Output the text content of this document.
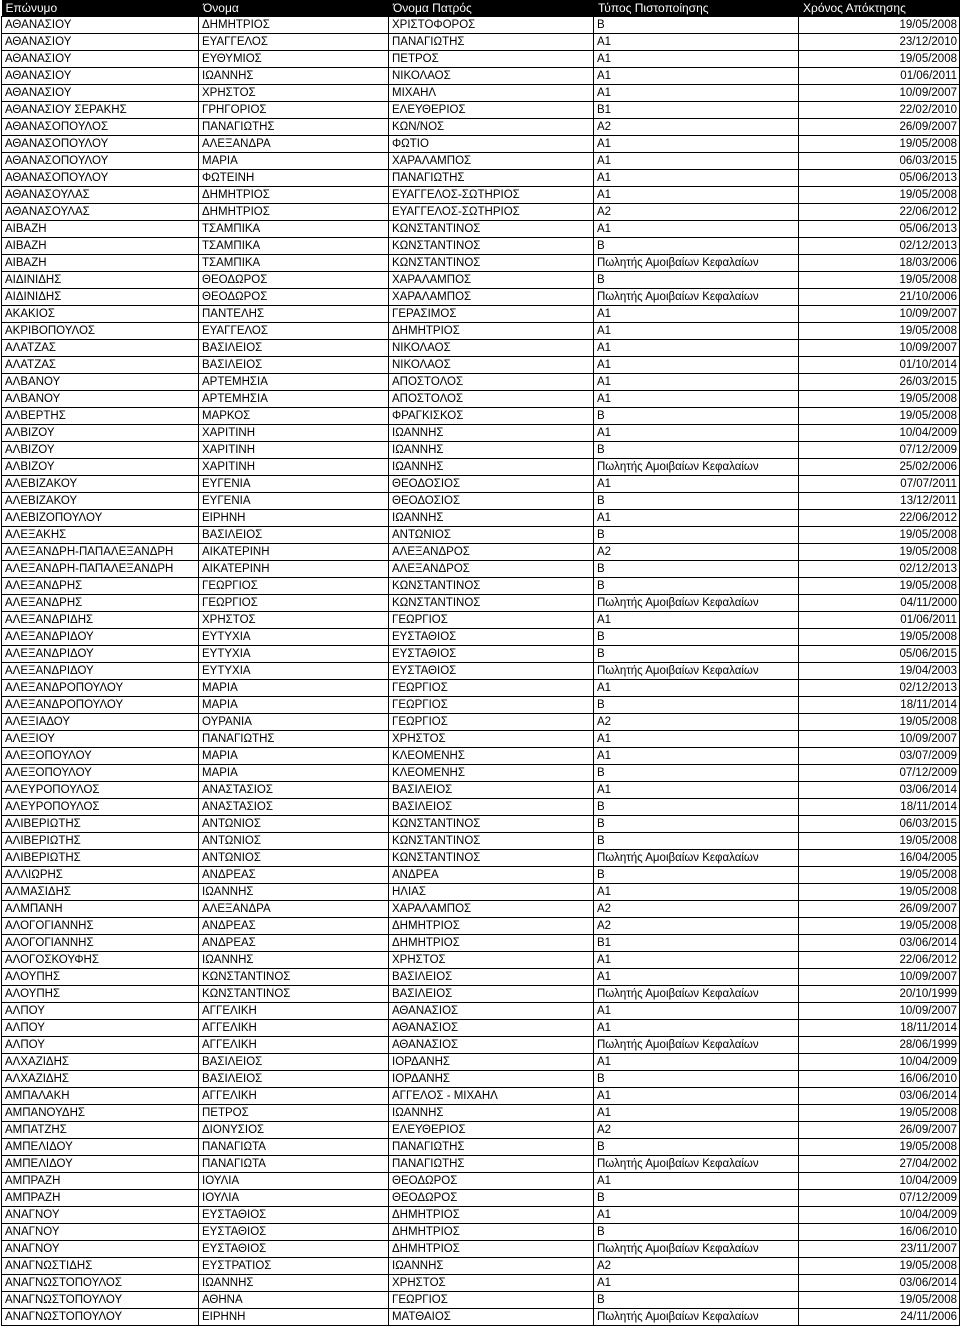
Επώνυμο	Όνομα	Όνομα Πατρός	Τύπος Πιστοποίησης	Χρόνος Απόκτησης
ΑΘΑΝΑΣΙΟΥ	ΔΗΜΗΤΡΙΟΣ	ΧΡΙΣΤΟΦΟΡΟΣ	Β	19/05/2008
ΑΘΑΝΑΣΙΟΥ	ΕΥΑΓΓΕΛΟΣ	ΠΑΝΑΓΙΩΤΗΣ	Α1	23/12/2010
ΑΘΑΝΑΣΙΟΥ	ΕΥΘΥΜΙΟΣ	ΠΕΤΡΟΣ	Α1	19/05/2008
ΑΘΑΝΑΣΙΟΥ	ΙΩΑΝΝΗΣ	ΝΙΚΟΛΑΟΣ	Α1	01/06/2011
ΑΘΑΝΑΣΙΟΥ	ΧΡΗΣΤΟΣ	ΜΙΧΑΗΛ	Α1	10/09/2007
ΑΘΑΝΑΣΙΟΥ ΣΕΡΑΚΗΣ	ΓΡΗΓΟΡΙΟΣ	ΕΛΕΥΘΕΡΙΟΣ	Β1	22/02/2010
ΑΘΑΝΑΣΟΠΟΥΛΟΣ	ΠΑΝΑΓΙΩΤΗΣ	ΚΩΝ/ΝΟΣ	Α2	26/09/2007
ΑΘΑΝΑΣΟΠΟΥΛΟΥ	ΑΛΕΞΑΝΔΡΑ	ΦΩΤΙΟ	Α1	19/05/2008
ΑΘΑΝΑΣΟΠΟΥΛΟΥ	ΜΑΡΙΑ	ΧΑΡΑΛΑΜΠΟΣ	Α1	06/03/2015
ΑΘΑΝΑΣΟΠΟΥΛΟΥ	ΦΩΤΕΙΝΗ	ΠΑΝΑΓΙΩΤΗΣ	Α1	05/06/2013
ΑΘΑΝΑΣΟΥΛΑΣ	ΔΗΜΗΤΡΙΟΣ	ΕΥΑΓΓΕΛΟΣ-ΣΩΤΗΡΙΟΣ	Α1	19/05/2008
ΑΘΑΝΑΣΟΥΛΑΣ	ΔΗΜΗΤΡΙΟΣ	ΕΥΑΓΓΕΛΟΣ-ΣΩΤΗΡΙΟΣ	Α2	22/06/2012
ΑΙΒΑΖΗ	ΤΣΑΜΠΙΚΑ	ΚΩΝΣΤΑΝΤΙΝΟΣ	Α1	05/06/2013
ΑΙΒΑΖΗ	ΤΣΑΜΠΙΚΑ	ΚΩΝΣΤΑΝΤΙΝΟΣ	Β	02/12/2013
ΑΙΒΑΖΗ	ΤΣΑΜΠΙΚΑ	ΚΩΝΣΤΑΝΤΙΝΟΣ	Πωλητής Αμοιβαίων Κεφαλαίων	18/03/2006
ΑΙΔΙΝΙΔΗΣ	ΘΕΟΔΩΡΟΣ	ΧΑΡΑΛΑΜΠΟΣ	Β	19/05/2008
ΑΙΔΙΝΙΔΗΣ	ΘΕΟΔΩΡΟΣ	ΧΑΡΑΛΑΜΠΟΣ	Πωλητής Αμοιβαίων Κεφαλαίων	21/10/2006
ΑΚΑΚΙΟΣ	ΠΑΝΤΕΛΗΣ	ΓΕΡΑΣΙΜΟΣ	Α1	10/09/2007
ΑΚΡΙΒΟΠΟΥΛΟΣ	ΕΥΑΓΓΕΛΟΣ	ΔΗΜΗΤΡΙΟΣ	Α1	19/05/2008
ΑΛΑΤΖΑΣ	ΒΑΣΙΛΕΙΟΣ	ΝΙΚΟΛΑΟΣ	Α1	10/09/2007
ΑΛΑΤΖΑΣ	ΒΑΣΙΛΕΙΟΣ	ΝΙΚΟΛΑΟΣ	Α1	01/10/2014
ΑΛΒΑΝΟΥ	ΑΡΤΕΜΗΣΙΑ	ΑΠΟΣΤΟΛΟΣ	Α1	26/03/2015
ΑΛΒΑΝΟΥ	ΑΡΤΕΜΗΣΙΑ	ΑΠΟΣΤΟΛΟΣ	Α1	19/05/2008
ΑΛΒΕΡΤΗΣ	ΜΑΡΚΟΣ	ΦΡΑΓΚΙΣΚΟΣ	Β	19/05/2008
ΑΛΒΙΖΟΥ	ΧΑΡΙΤΙΝΗ	ΙΩΑΝΝΗΣ	Α1	10/04/2009
ΑΛΒΙΖΟΥ	ΧΑΡΙΤΙΝΗ	ΙΩΑΝΝΗΣ	Β	07/12/2009
ΑΛΒΙΖΟΥ	ΧΑΡΙΤΙΝΗ	ΙΩΑΝΝΗΣ	Πωλητής Αμοιβαίων Κεφαλαίων	25/02/2006
ΑΛΕΒΙΖΑΚΟΥ	ΕΥΓΕΝΙΑ	ΘΕΟΔΟΣΙΟΣ	Α1	07/07/2011
ΑΛΕΒΙΖΑΚΟΥ	ΕΥΓΕΝΙΑ	ΘΕΟΔΟΣΙΟΣ	Β	13/12/2011
ΑΛΕΒΙΖΟΠΟΥΛΟΥ	ΕΙΡΗΝΗ	ΙΩΑΝΝΗΣ	Α1	22/06/2012
ΑΛΕΞΑΚΗΣ	ΒΑΣΙΛΕΙΟΣ	ΑΝΤΩΝΙΟΣ	Β	19/05/2008
ΑΛΕΞΑΝΔΡΗ-ΠΑΠΑΛΕΞΑΝΔΡΗ	ΑΙΚΑΤΕΡΙΝΗ	ΑΛΕΞΑΝΔΡΟΣ	Α2	19/05/2008
ΑΛΕΞΑΝΔΡΗ-ΠΑΠΑΛΕΞΑΝΔΡΗ	ΑΙΚΑΤΕΡΙΝΗ	ΑΛΕΞΑΝΔΡΟΣ	Β	02/12/2013
ΑΛΕΞΑΝΔΡΗΣ	ΓΕΩΡΓΙΟΣ	ΚΩΝΣΤΑΝΤΙΝΟΣ	Β	19/05/2008
ΑΛΕΞΑΝΔΡΗΣ	ΓΕΩΡΓΙΟΣ	ΚΩΝΣΤΑΝΤΙΝΟΣ	Πωλητής Αμοιβαίων Κεφαλαίων	04/11/2000
ΑΛΕΞΑΝΔΡΙΔΗΣ	ΧΡΗΣΤΟΣ	ΓΕΩΡΓΙΟΣ	Α1	01/06/2011
ΑΛΕΞΑΝΔΡΙΔΟΥ	ΕΥΤΥΧΙΑ	ΕΥΣΤΑΘΙΟΣ	Β	19/05/2008
ΑΛΕΞΑΝΔΡΙΔΟΥ	ΕΥΤΥΧΙΑ	ΕΥΣΤΑΘΙΟΣ	Β	05/06/2015
ΑΛΕΞΑΝΔΡΙΔΟΥ	ΕΥΤΥΧΙΑ	ΕΥΣΤΑΘΙΟΣ	Πωλητής Αμοιβαίων Κεφαλαίων	19/04/2003
ΑΛΕΞΑΝΔΡΟΠΟΥΛΟΥ	ΜΑΡΙΑ	ΓΕΩΡΓΙΟΣ	Α1	02/12/2013
ΑΛΕΞΑΝΔΡΟΠΟΥΛΟΥ	ΜΑΡΙΑ	ΓΕΩΡΓΙΟΣ	Β	18/11/2014
ΑΛΕΞΙΑΔΟΥ	ΟΥΡΑΝΙΑ	ΓΕΩΡΓΙΟΣ	Α2	19/05/2008
ΑΛΕΞΙΟΥ	ΠΑΝΑΓΙΩΤΗΣ	ΧΡΗΣΤΟΣ	Α1	10/09/2007
ΑΛΕΞΟΠΟΥΛΟΥ	ΜΑΡΙΑ	ΚΛΕΟΜΕΝΗΣ	Α1	03/07/2009
ΑΛΕΞΟΠΟΥΛΟΥ	ΜΑΡΙΑ	ΚΛΕΟΜΕΝΗΣ	Β	07/12/2009
ΑΛΕΥΡΟΠΟΥΛΟΣ	ΑΝΑΣΤΑΣΙΟΣ	ΒΑΣΙΛΕΙΟΣ	Α1	03/06/2014
ΑΛΕΥΡΟΠΟΥΛΟΣ	ΑΝΑΣΤΑΣΙΟΣ	ΒΑΣΙΛΕΙΟΣ	Β	18/11/2014
ΑΛΙΒΕΡΙΩΤΗΣ	ΑΝΤΩΝΙΟΣ	ΚΩΝΣΤΑΝΤΙΝΟΣ	Β	06/03/2015
ΑΛΙΒΕΡΙΩΤΗΣ	ΑΝΤΩΝΙΟΣ	ΚΩΝΣΤΑΝΤΙΝΟΣ	Β	19/05/2008
ΑΛΙΒΕΡΙΩΤΗΣ	ΑΝΤΩΝΙΟΣ	ΚΩΝΣΤΑΝΤΙΝΟΣ	Πωλητής Αμοιβαίων Κεφαλαίων	16/04/2005
ΑΛΛΙΩΡΗΣ	ΑΝΔΡΕΑΣ	ΑΝΔΡΕΑ	Β	19/05/2008
ΑΛΜΑΣΙΔΗΣ	ΙΩΑΝΝΗΣ	ΗΛΙΑΣ	Α1	19/05/2008
ΑΛΜΠΑΝΗ	ΑΛΕΞΑΝΔΡΑ	ΧΑΡΑΛΑΜΠΟΣ	Α2	26/09/2007
ΑΛΟΓΟΓΙΑΝΝΗΣ	ΑΝΔΡΕΑΣ	ΔΗΜΗΤΡΙΟΣ	Α2	19/05/2008
ΑΛΟΓΟΓΙΑΝΝΗΣ	ΑΝΔΡΕΑΣ	ΔΗΜΗΤΡΙΟΣ	Β1	03/06/2014
ΑΛΟΓΟΣΚΟΥΦΗΣ	ΙΩΑΝΝΗΣ	ΧΡΗΣΤΟΣ	Α1	22/06/2012
ΑΛΟΥΠΗΣ	ΚΩΝΣΤΑΝΤΙΝΟΣ	ΒΑΣΙΛΕΙΟΣ	Α1	10/09/2007
ΑΛΟΥΠΗΣ	ΚΩΝΣΤΑΝΤΙΝΟΣ	ΒΑΣΙΛΕΙΟΣ	Πωλητής Αμοιβαίων Κεφαλαίων	20/10/1999
ΑΛΠΟΥ	ΑΓΓΕΛΙΚΗ	ΑΘΑΝΑΣΙΟΣ	Α1	10/09/2007
ΑΛΠΟΥ	ΑΓΓΕΛΙΚΗ	ΑΘΑΝΑΣΙΟΣ	Α1	18/11/2014
ΑΛΠΟΥ	ΑΓΓΕΛΙΚΗ	ΑΘΑΝΑΣΙΟΣ	Πωλητής Αμοιβαίων Κεφαλαίων	28/06/1999
ΑΛΧΑΖΙΔΗΣ	ΒΑΣΙΛΕΙΟΣ	ΙΟΡΔΑΝΗΣ	Α1	10/04/2009
ΑΛΧΑΖΙΔΗΣ	ΒΑΣΙΛΕΙΟΣ	ΙΟΡΔΑΝΗΣ	Β	16/06/2010
ΑΜΠΑΛΑΚΗ	ΑΓΓΕΛΙΚΗ	ΑΓΓΕΛΟΣ - ΜΙΧΑΗΛ	Α1	03/06/2014
ΑΜΠΑΝΟΥΔΗΣ	ΠΕΤΡΟΣ	ΙΩΑΝΝΗΣ	Α1	19/05/2008
ΑΜΠΑΤΖΗΣ	ΔΙΟΝΥΣΙΟΣ	ΕΛΕΥΘΕΡΙΟΣ	Α2	26/09/2007
ΑΜΠΕΛΙΔΟΥ	ΠΑΝΑΓΙΩΤΑ	ΠΑΝΑΓΙΩΤΗΣ	Β	19/05/2008
ΑΜΠΕΛΙΔΟΥ	ΠΑΝΑΓΙΩΤΑ	ΠΑΝΑΓΙΩΤΗΣ	Πωλητής Αμοιβαίων Κεφαλαίων	27/04/2002
ΑΜΠΡΑΖΗ	ΙΟΥΛΙΑ	ΘΕΟΔΩΡΟΣ	Α1	10/04/2009
ΑΜΠΡΑΖΗ	ΙΟΥΛΙΑ	ΘΕΟΔΩΡΟΣ	Β	07/12/2009
ΑΝΑΓΝΟΥ	ΕΥΣΤΑΘΙΟΣ	ΔΗΜΗΤΡΙΟΣ	Α1	10/04/2009
ΑΝΑΓΝΟΥ	ΕΥΣΤΑΘΙΟΣ	ΔΗΜΗΤΡΙΟΣ	Β	16/06/2010
ΑΝΑΓΝΟΥ	ΕΥΣΤΑΘΙΟΣ	ΔΗΜΗΤΡΙΟΣ	Πωλητής Αμοιβαίων Κεφαλαίων	23/11/2007
ΑΝΑΓΝΩΣΤΙΔΗΣ	ΕΥΣΤΡΑΤΙΟΣ	ΙΩΑΝΝΗΣ	Α2	19/05/2008
ΑΝΑΓΝΩΣΤΟΠΟΥΛΟΣ	ΙΩΑΝΝΗΣ	ΧΡΗΣΤΟΣ	Α1	03/06/2014
ΑΝΑΓΝΩΣΤΟΠΟΥΛΟΥ	ΑΘΗΝΑ	ΓΕΩΡΓΙΟΣ	Β	19/05/2008
ΑΝΑΓΝΩΣΤΟΠΟΥΛΟΥ	ΕΙΡΗΝΗ	ΜΑΤΘΑΙΟΣ	Πωλητής Αμοιβαίων Κεφαλαίων	24/11/2006
